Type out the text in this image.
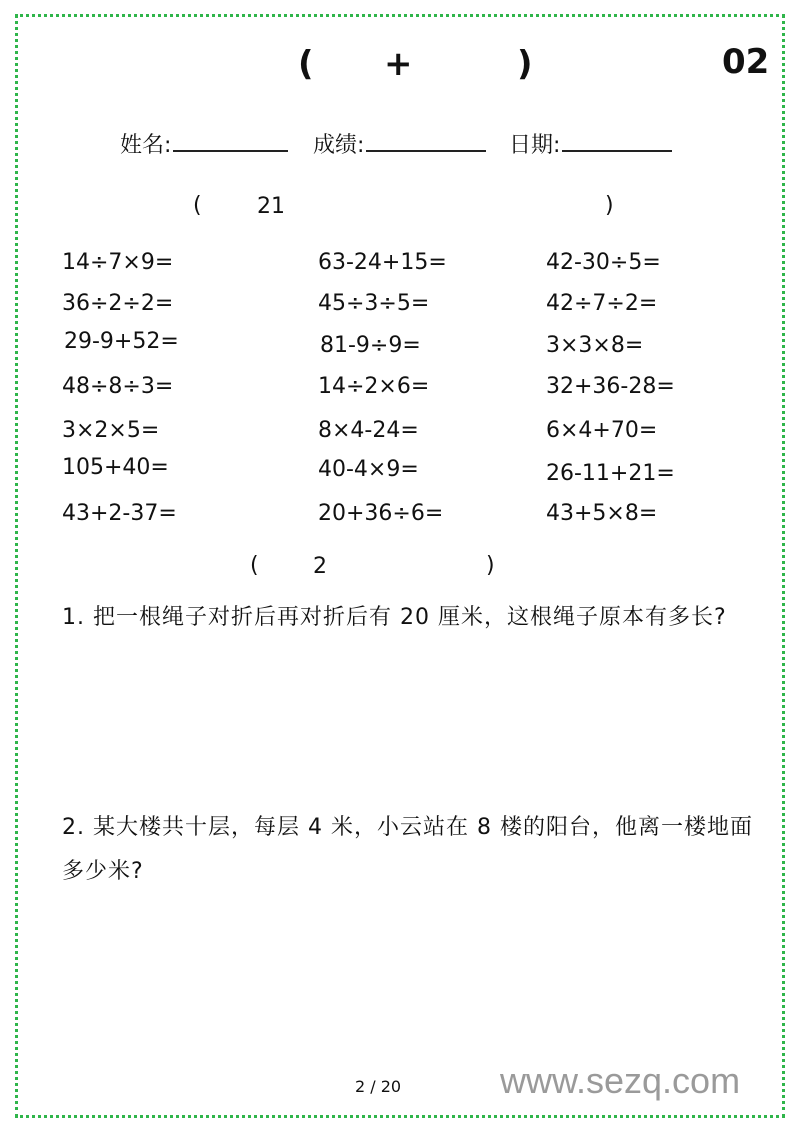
( +	)	02
姓名:	成绩:	日期:
(	21	)
14÷7×9=	63-24+15=	42-30÷5=
36÷2÷2=	45÷3÷5=	42÷7÷2=
29-9+52=	81-9÷9=	3×3×8=
48÷8÷3=	14÷2×6=	32+36-28=
3×2×5=	8×4-24=	6×4+70=
105+40=	40-4×9=	26-11+21=
43+2-37=	20+36÷6=	43+5×8=
( 2	)
1. 把一根绳子对折后再对折后有 20 厘米，这根绳子原本有多长?
2. 某大楼共十层，每层 4 米，小云站在 8 楼的阳台，他离一楼地面多少米?
2 / 20	www.sezq.com
